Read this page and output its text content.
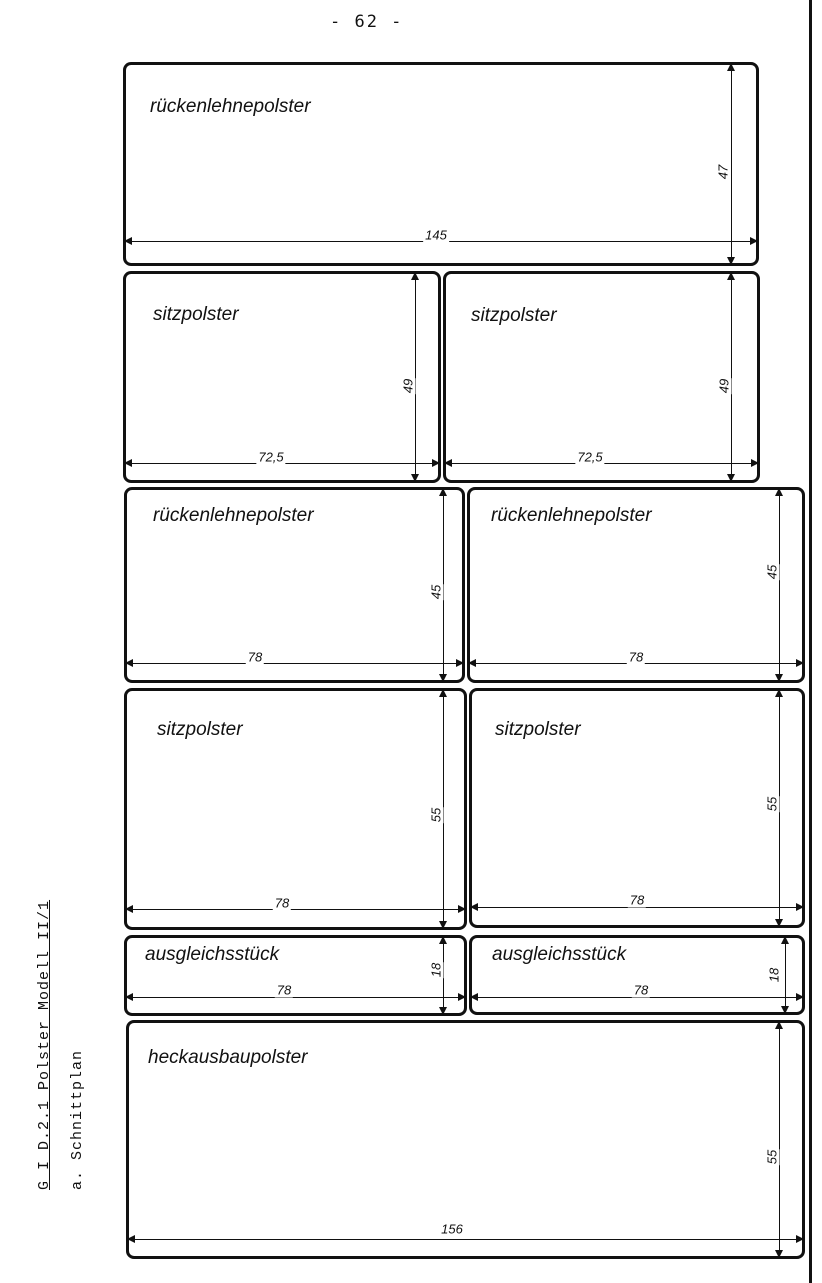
- 62 -
G I D.2.1 Polster Modell II/1 a. Schnittplan
rückenlehnepolster
145
47
sitzpolster
72,5
49
sitzpolster
72,5
49
rückenlehnepolster
78
45
rückenlehnepolster
78
45
sitzpolster
78
55
sitzpolster
78
55
ausgleichsstück
78
18
ausgleichsstück
78
18
heckausbaupolster
156
55
